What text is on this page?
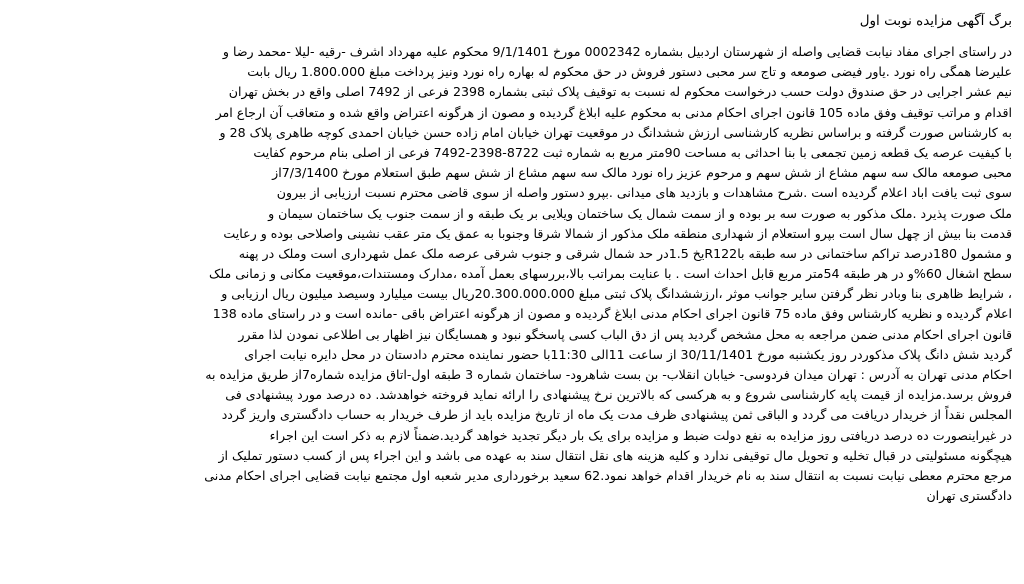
برگ آگهی مزایده نوبت اول
در راستای اجرای مفاد نیابت قضایی واصله از شهرستان اردبیل بشماره 0002342 مورخ 9/1/1401 محکوم علیه مهرداد اشرف -رقیه -لیلا -محمد رضا و
علیرضا همگی راه نورد .یاور فیضی صومعه و تاج سر محبی دستور فروش در حق محکوم له بهاره راه نورد ونیز پرداخت مبلغ 1.800.000 ریال بابت
نیم عشر اجرایی در حق صندوق دولت حسب درخواست محکوم له نسبت به توقیف پلاک ثبتی بشماره 2398 فرعی از 7492 اصلی واقع در بخش تهران
اقدام و مراتب توقیف وفق ماده 105 قانون اجرای احکام مدنی به محکوم علیه ابلاغ گردیده و مصون از هرگونه اعتراض واقع شده و متعاقب آن ارجاع امر
به کارشناس صورت گرفته و براساس نظریه کارشناسی ارزش ششدانگ در موقعیت تهران خیابان امام زاده حسن خیابان احمدی کوچه طاهری پلاک 28 و
با کیفیت عرصه یک قطعه زمین تجمعی با بنا احداثی به مساحت 90متر مربع به شماره ثبت 8722-2398-7492 فرعی از اصلی بنام مرحوم کفایت
محبی صومعه مالک سه سهم مشاع از شش سهم و مرحوم عزیز راه نورد مالک سه سهم مشاع از شش سهم طبق استعلام مورخ 7/3/1400از
سوی ثبت یافت اباد اعلام گردیده است .شرح مشاهدات و بازدید های میدانی .بپرو دستور واصله از سوی قاضی محترم نسبت ارزیابی از بیرون
ملک صورت پذیرد .ملک مذکور به صورت سه بر بوده و از سمت شمال یک ساختمان ویلایی بر یک طبقه و از سمت جنوب یک ساختمان سیمان و
قدمت بنا بیش از چهل سال است بپرو استعلام از شهداری منطقه ملک مذکور از شمالا شرقا وجنوبا به عمق یک متر عقب نشینی واصلاحی بوده و رعایت
و مشمول 180درصد تراکم ساختمانی در سه طبقه باR122یخ 1.5در حد شمال شرقی و جنوب شرقی عرصه ملک عمل شهرداری است وملک در پهنه
سطح اشغال 60%و در هر طبقه 54متر مربع قابل احداث است . با عنایت بمراتب بالا،بررسهای بعمل آمده ،مدارک ومستندات،موقعیت مکانی و زمانی ملک
، شرایط ظاهری بنا وبادر نظر گرفتن سایر جوانب موثر ،ارزششدانگ پلاک ثبتی مبلغ 20.300.000.000ریال بیست میلیارد وسیصد میلیون ریال ارزیابی و
اعلام گردیده و نظریه کارشناس وفق ماده 75 قانون اجرای احکام مدنی ابلاغ گردیده و مصون از هرگونه اعتراض باقی -مانده است و در راستای ماده 138
قانون اجرای احکام مدنی ضمن مراجعه به محل مشخص گردید پس از دق الباب کسی پاسخگو نبود و همسایگان نیز اظهار بی اطلاعی نمودن لذا مقرر
گردید شش دانگ پلاک مذکوردر روز یکشنبه مورخ 30/11/1401 از ساعت 11الی 11:30با حضور نماینده محترم دادستان در محل دایره نیابت اجرای
احکام مدنی تهران به آدرس : تهران میدان فردوسی- خیابان انقلاب- بن بست شاهرود- ساختمان شماره 3 طبقه اول-اتاق مزایده شماره7از طریق مزایده به
فروش برسد.مزایده از قیمت پایه کارشناسی شروع و به هرکسی که بالاترین نرخ پیشنهادی را ارائه نماید فروخته خواهدشد. ده درصد مورد پیشنهادی فی
المجلس نقداً از خریدار دریافت می گردد و الباقی ثمن پیشنهادی ظرف مدت یک ماه از تاریخ مزایده باید از طرف خریدار به حساب دادگستری واریز گردد
در غیراینصورت ده درصد دریافتی روز مزایده به نفع دولت ضبط و مزایده برای یک بار دیگر تجدید خواهد گردید.ضمناً لازم به ذکر است این اجراء
هیچگونه مسئولیتی در قبال تخلیه و تحویل مال توقیفی ندارد و کلیه هزینه های نقل انتقال سند به عهده می باشد و این اجراء پس از کسب دستور تملیک از
مرجع محترم معطی نیابت نسبت به انتقال سند به نام خریدار اقدام خواهد نمود.62 سعید برخورداری مدیر شعبه اول مجتمع نیابت قضایی اجرای احکام مدنی
دادگستری تهران
